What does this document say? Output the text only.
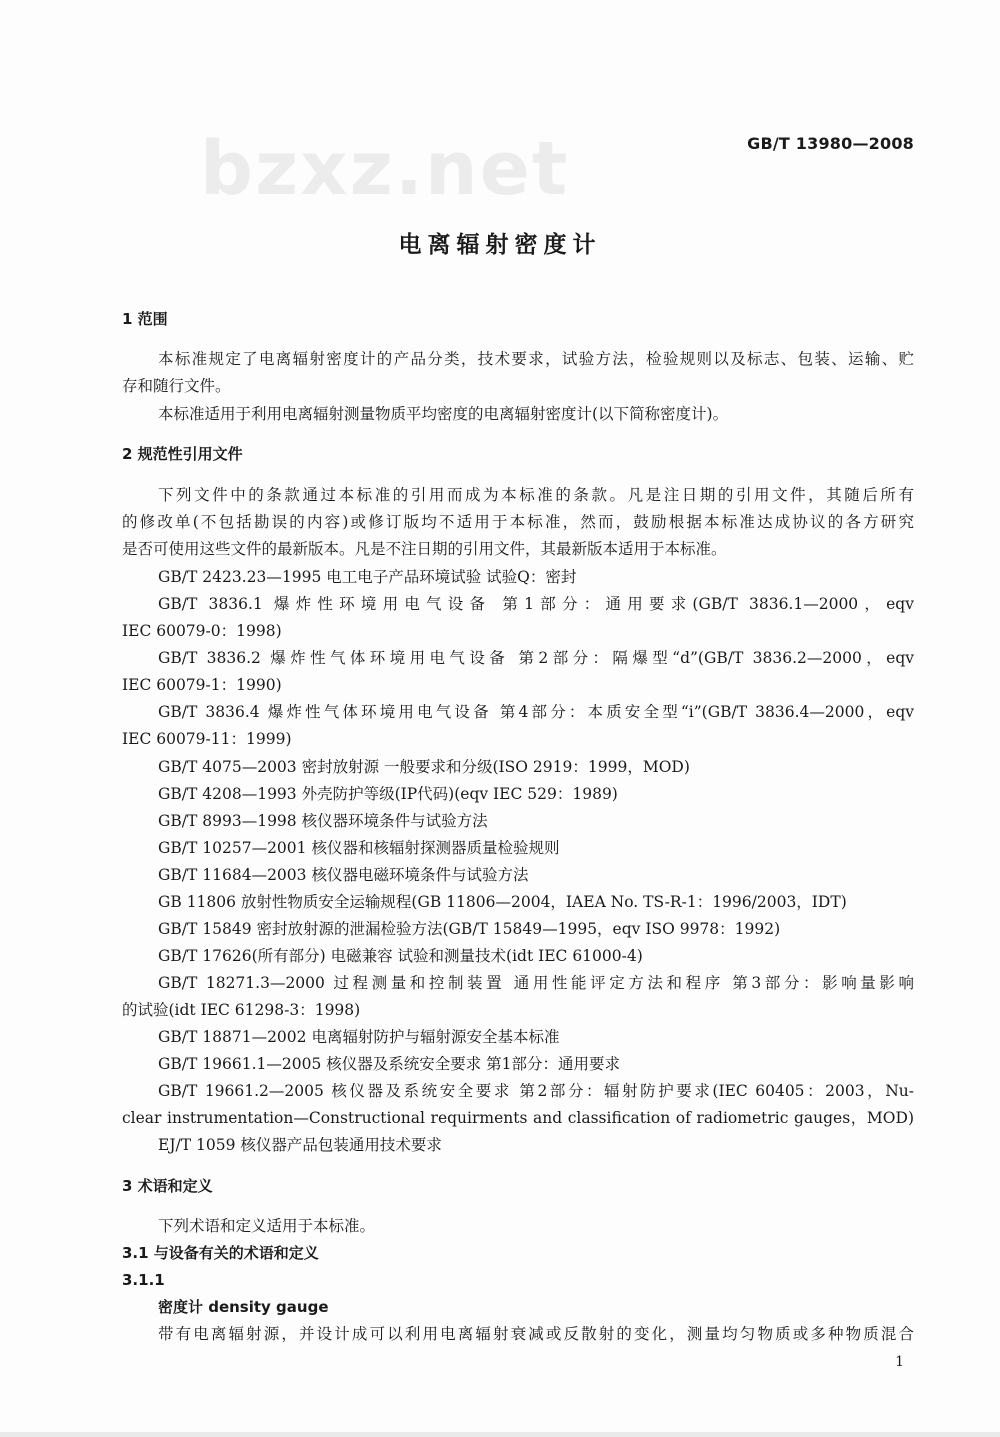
bzxz.net	GB/T 13980—2008
电离辐射密度计
1 范围
本标准规定了电离辐射密度计的产品分类，技术要求，试验方法，检验规则以及标志、包装、运输、贮
存和随行文件。
本标准适用于利用电离辐射测量物质平均密度的电离辐射密度计(以下简称密度计)。
2 规范性引用文件
下列文件中的条款通过本标准的引用而成为本标准的条款。凡是注日期的引用文件，其随后所有
的修改单(不包括勘误的内容)或修订版均不适用于本标准，然而，鼓励根据本标准达成协议的各方研究
是否可使用这些文件的最新版本。凡是不注日期的引用文件，其最新版本适用于本标准。
GB/T 2423.23—1995 电工电子产品环境试验 试验Q：密封
GB/T 3836.1 爆炸性环境用电气设备 第1部分：通用要求(GB/T 3836.1—2000，eqv
IEC 60079-0：1998)
GB/T 3836.2 爆炸性气体环境用电气设备 第2部分：隔爆型“d”(GB/T 3836.2—2000，eqv
IEC 60079-1：1990)
GB/T 3836.4 爆炸性气体环境用电气设备 第4部分：本质安全型“i”(GB/T 3836.4—2000，eqv
IEC 60079-11：1999)
GB/T 4075—2003 密封放射源 一般要求和分级(ISO 2919：1999，MOD)
GB/T 4208—1993 外壳防护等级(IP代码)(eqv IEC 529：1989)
GB/T 8993—1998 核仪器环境条件与试验方法
GB/T 10257—2001 核仪器和核辐射探测器质量检验规则
GB/T 11684—2003 核仪器电磁环境条件与试验方法
GB 11806 放射性物质安全运输规程(GB 11806—2004，IAEA No. TS-R-1：1996/2003，IDT)
GB/T 15849 密封放射源的泄漏检验方法(GB/T 15849—1995，eqv ISO 9978：1992)
GB/T 17626(所有部分) 电磁兼容 试验和测量技术(idt IEC 61000-4)
GB/T 18271.3—2000 过程测量和控制装置 通用性能评定方法和程序 第3部分：影响量影响
的试验(idt IEC 61298-3：1998)
GB/T 18871—2002 电离辐射防护与辐射源安全基本标准
GB/T 19661.1—2005 核仪器及系统安全要求 第1部分：通用要求
GB/T 19661.2—2005 核仪器及系统安全要求 第2部分：辐射防护要求(IEC 60405：2003，Nu-
clear instrumentation—Constructional requirments and classification of radiometric gauges，MOD)
EJ/T 1059 核仪器产品包装通用技术要求
3 术语和定义
下列术语和定义适用于本标准。
3.1 与设备有关的术语和定义
3.1.1
密度计 density gauge
带有电离辐射源，并设计成可以利用电离辐射衰减或反散射的变化，测量均匀物质或多种物质混合
1
